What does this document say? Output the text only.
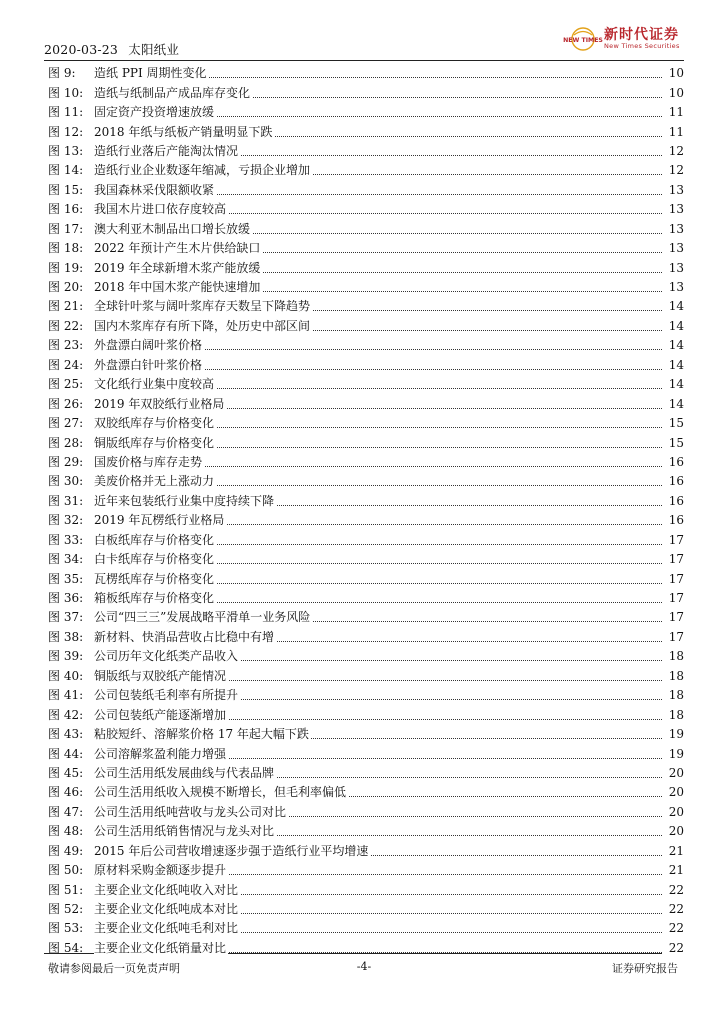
2020-03-23 太阳纸业
NEW TIMES 新时代证券
New Times Securities
图 9:	造纸 PPI 周期性变化	10
图 10: 造纸与纸制品产成品库存变化	10
图 11: 固定资产投资增速放缓	11
图 12: 2018 年纸与纸板产销量明显下跌	11
图 13: 造纸行业落后产能淘汰情况	12
图 14: 造纸行业企业数逐年缩减，亏损企业增加	12
图 15: 我国森林采伐限额收紧	13
图 16: 我国木片进口依存度较高	13
图 17: 澳大利亚木制品出口增长放缓	13
图 18: 2022 年预计产生木片供给缺口	13
图 19: 2019 年全球新增木浆产能放缓	13
图 20: 2018 年中国木浆产能快速增加	13
图 21: 全球针叶浆与阔叶浆库存天数呈下降趋势	14
图 22: 国内木浆库存有所下降，处历史中部区间	14
图 23: 外盘漂白阔叶浆价格	14
图 24: 外盘漂白针叶浆价格	14
图 25: 文化纸行业集中度较高	14
图 26: 2019 年双胶纸行业格局	14
图 27: 双胶纸库存与价格变化	15
图 28: 铜版纸库存与价格变化	15
图 29: 国废价格与库存走势	16
图 30: 美废价格并无上涨动力	16
图 31: 近年来包装纸行业集中度持续下降	16
图 32: 2019 年瓦楞纸行业格局	16
图 33: 白板纸库存与价格变化	17
图 34: 白卡纸库存与价格变化	17
图 35: 瓦楞纸库存与价格变化	17
图 36: 箱板纸库存与价格变化	17
图 37: 公司“四三三”发展战略平滑单一业务风险	17
图 38: 新材料、快消品营收占比稳中有增	17
图 39: 公司历年文化纸类产品收入	18
图 40: 铜版纸与双胶纸产能情况	18
图 41: 公司包装纸毛利率有所提升	18
图 42: 公司包装纸产能逐渐增加	18
图 43: 粘胶短纤、溶解浆价格 17 年起大幅下跌	19
图 44: 公司溶解浆盈利能力增强	19
图 45: 公司生活用纸发展曲线与代表品牌	20
图 46: 公司生活用纸收入规模不断增长，但毛利率偏低	20
图 47: 公司生活用纸吨营收与龙头公司对比	20
图 48: 公司生活用纸销售情况与龙头对比	20
图 49: 2015 年后公司营收增速逐步强于造纸行业平均增速	21
图 50: 原材料采购金额逐步提升	21
图 51: 主要企业文化纸吨收入对比	22
图 52: 主要企业文化纸吨成本对比	22
图 53: 主要企业文化纸吨毛利对比	22
图 54: 主要企业文化纸销量对比	22
敬请参阅最后一页免责声明	-4-	证券研究报告
